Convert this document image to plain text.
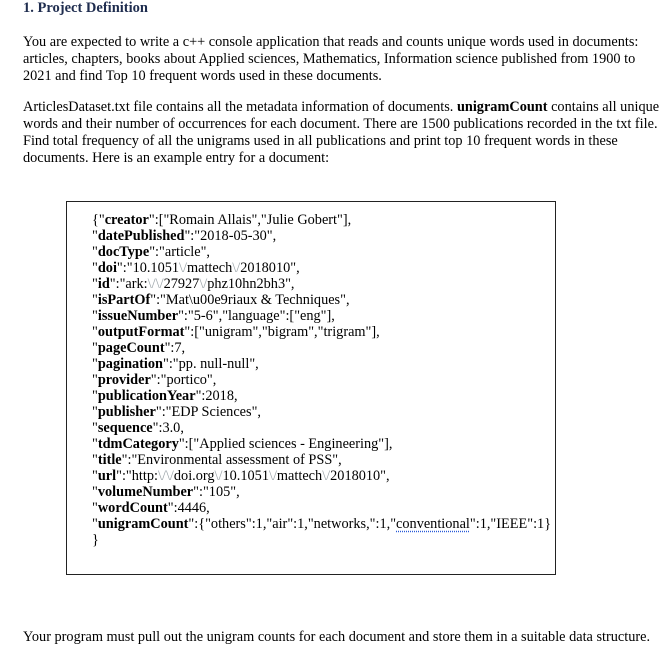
1. Project Definition

You are expected to write a c++ console application that reads and counts unique words used in documents: articles, chapters, books about Applied sciences, Mathematics, Information science published from 1900 to 2021 and find Top 10 frequent words used in these documents.

ArticlesDataset.txt file contains all the metadata information of documents. unigramCount contains all unique words and their number of occurrences for each document. There are 1500 publications recorded in the txt file. Find total frequency of all the unigrams used in all publications and print top 10 frequent words in these documents. Here is an example entry for a document:

{"creator":["Romain Allais","Julie Gobert"],
"datePublished":"2018-05-30",
"docType":"article",
"doi":"10.1051\/mattech\/2018010",
"id":"ark:\/\/27927\/phz10hn2bh3",
"isPartOf":"Mat\u00e9riaux & Techniques",
"issueNumber":"5-6","language":["eng"],
"outputFormat":["unigram","bigram","trigram"],
"pageCount":7,
"pagination":"pp. null-null",
"provider":"portico",
"publicationYear":2018,
"publisher":"EDP Sciences",
"sequence":3.0,
"tdmCategory":["Applied sciences - Engineering"],
"title":"Environmental assessment of PSS",
"url":"http:\/\/doi.org\/10.1051\/mattech\/2018010",
"volumeNumber":"105",
"wordCount":4446,
"unigramCount":{"others":1,"air":1,"networks,":1,"conventional":1,"IEEE":1}
}

Your program must pull out the unigram counts for each document and store them in a suitable data structure.
